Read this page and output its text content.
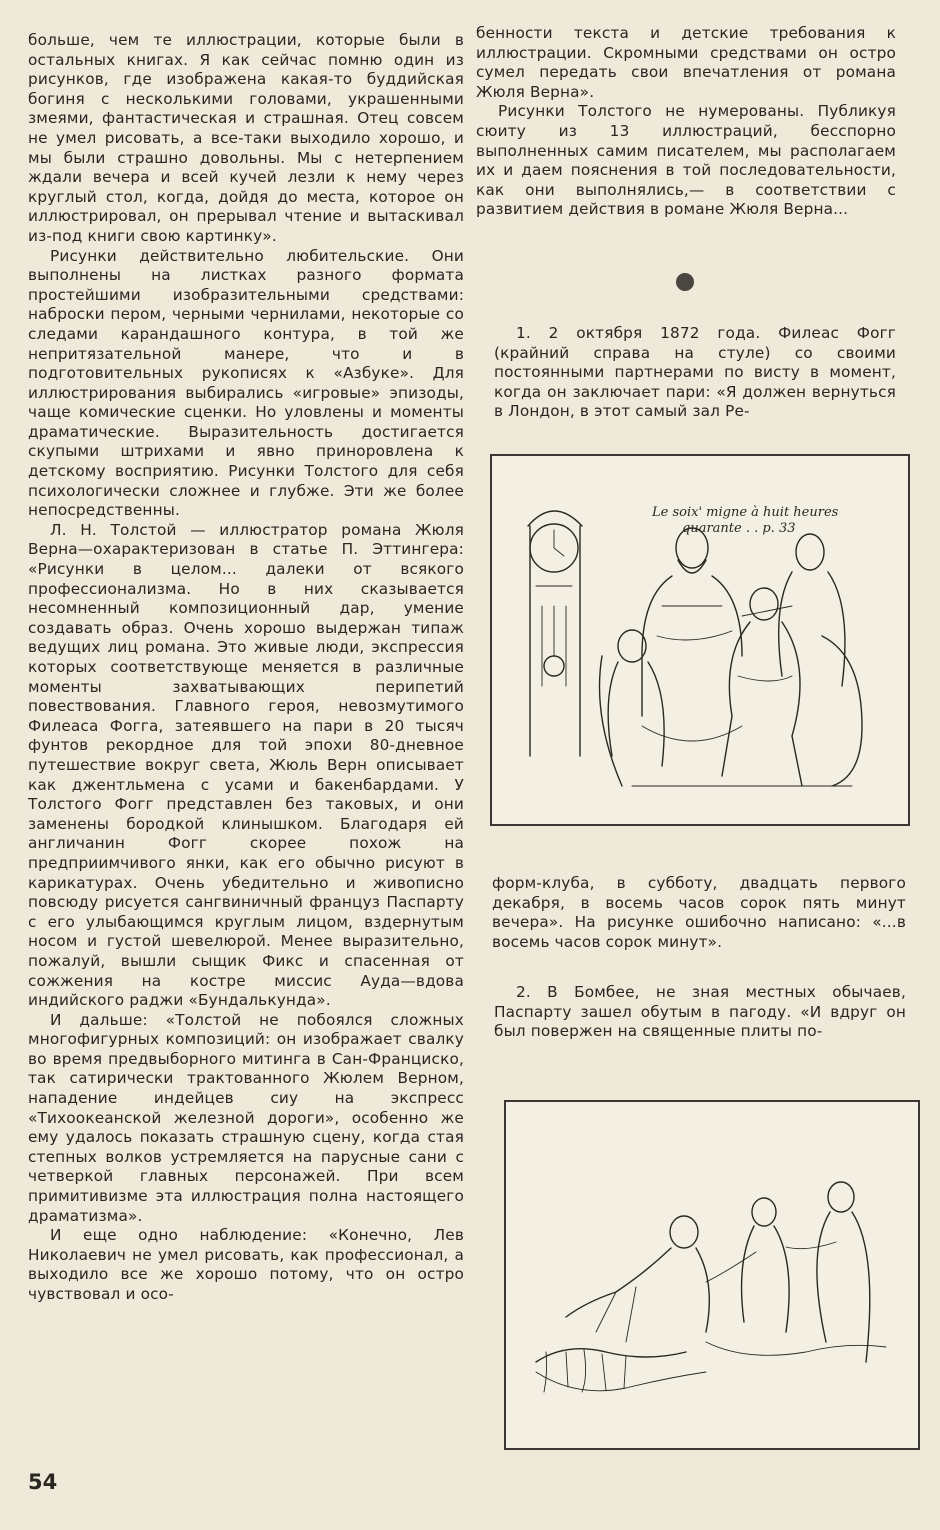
больше, чем те иллюстрации, которые были в остальных книгах. Я как сейчас помню один из рисунков, где изображена какая-то буддийская богиня с несколькими головами, украшенными змеями, фантастическая и страшная. Отец совсем не умел рисовать, а все-таки выходило хорошо, и мы были страшно довольны. Мы с нетерпением ждали вечера и всей кучей лезли к нему через круглый стол, когда, дойдя до места, которое он иллюстрировал, он прерывал чтение и вытаскивал из-под книги свою картинку».

Рисунки действительно любительские. Они выполнены на листках разного формата простейшими изобразительными средствами: наброски пером, черными чернилами, некоторые со следами карандашного контура, в той же непритязательной манере, что и в подготовительных рукописях к «Азбуке». Для иллюстрирования выбирались «игровые» эпизоды, чаще комические сценки. Но уловлены и моменты драматические. Выразительность достигается скупыми штрихами и явно приноровлена к детскому восприятию. Рисунки Толстого для себя психологически сложнее и глубже. Эти же более непосредственны.

Л. Н. Толстой — иллюстратор романа Жюля Верна—охарактеризован в статье П. Эттингера: «Рисунки в целом... далеки от всякого профессионализма. Но в них сказывается несомненный композиционный дар, умение создавать образ. Очень хорошо выдержан типаж ведущих лиц романа. Это живые люди, экспрессия которых соответствующе меняется в различные моменты захватывающих перипетий повествования. Главного героя, невозмутимого Филеаса Фогга, затеявшего на пари в 20 тысяч фунтов рекордное для той эпохи 80-дневное путешествие вокруг света, Жюль Верн описывает как джентльмена с усами и бакенбардами. У Толстого Фогг представлен без таковых, и они заменены бородкой клинышком. Благодаря ей англичанин Фогг скорее похож на предприимчивого янки, как его обычно рисуют в карикатурах. Очень убедительно и живописно повсюду рисуется сангвиничный француз Паспарту с его улыбающимся круглым лицом, вздернутым носом и густой шевелюрой. Менее выразительно, пожалуй, вышли сыщик Фикс и спасенная от сожжения на костре миссис Ауда—вдова индийского раджи «Бундалькунда».

И дальше: «Толстой не побоялся сложных многофигурных композиций: он изображает свалку во время предвыборного митинга в Сан-Франциско, так сатирически трактованного Жюлем Верном, нападение индейцев сиу на экспресс «Тихоокеанской железной дороги», особенно же ему удалось показать страшную сцену, когда стая степных волков устремляется на парусные сани с четверкой главных персонажей. При всем примитивизме эта иллюстрация полна настоящего драматизма».

И еще одно наблюдение: «Конечно, Лев Николаевич не умел рисовать, как профессионал, а выходило все же хорошо потому, что он остро чувствовал и осо-

бенности текста и детские требования к иллюстрации. Скромными средствами он остро сумел передать свои впечатления от романа Жюля Верна».

Рисунки Толстого не нумерованы. Публикуя сюиту из 13 иллюстраций, бесспорно выполненных самим писателем, мы располагаем их и даем пояснения в той последовательности, как они выполнялись,— в соответствии с развитием действия в романе Жюля Верна...

1. 2 октября 1872 года. Филеас Фогг (крайний справа на стуле) со своими постоянными партнерами по висту в момент, когда он заключает пари: «Я должен вернуться в Лондон, в этот самый зал Ре-

Le soix' mignе à huit heures
quarante . . p. 33

форм-клуба, в субботу, двадцать первого декабря, в восемь часов сорок пять минут вечера». На рисунке ошибочно написано: «...в восемь часов сорок минут».

2. В Бомбее, не зная местных обычаев, Паспарту зашел обутым в пагоду. «И вдруг он был повержен на священные плиты по-

54
